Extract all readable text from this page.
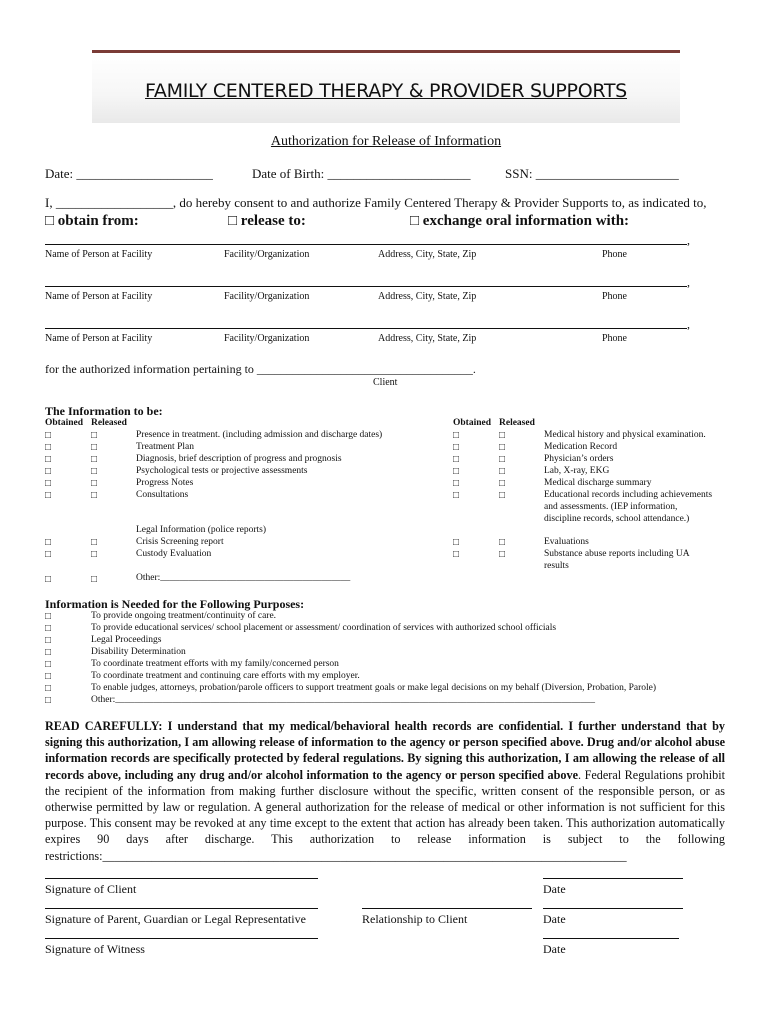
FAMILY CENTERED THERAPY & PROVIDER SUPPORTS
Authorization for Release of Information
Date: _____________________	Date of Birth: ______________________	SSN: ______________________
I, __________________, do hereby consent to and authorize Family Centered Therapy & Provider Supports to, as indicated to,
□ obtain from:	□ release to:	□ exchange oral information with:
,
Name of Person at Facility	Facility/Organization	Address, City, State, Zip	Phone
,
Name of Person at Facility	Facility/Organization	Address, City, State, Zip	Phone
,
Name of Person at Facility	Facility/Organization	Address, City, State, Zip	Phone
for the authorized information pertaining to ____________________________________.
Client
The Information to be:
Obtained Released	Obtained Released
□	□	Presence in treatment. (including admission and discharge dates)
□	□	Treatment Plan
□	□	Diagnosis, brief description of progress and prognosis
□	□	Psychological tests or projective assessments
□	□	Progress Notes
□	□	Consultations
Legal Information (police reports)
□	□	Crisis Screening report
□	□	Custody Evaluation
□	□	Other:________________________________________
□	□	Medical history and physical examination.
□	□	Medication Record
□	□	Physician’s orders
□	□	Lab, X-ray, EKG
□	□	Medical discharge summary
□	□	Educational records including achievements
and assessments. (IEP information,
discipline records, school attendance.)
□	□	Evaluations
□	□	Substance abuse reports including UA
results
Information is Needed for the Following Purposes:
□	To provide ongoing treatment/continuity of care.
□	To provide educational services/ school placement or assessment/ coordination of services with authorized school officials
□	Legal Proceedings
□	Disability Determination
□	To coordinate treatment efforts with my family/concerned person
□	To coordinate treatment and continuing care efforts with my employer.
□	To enable judges, attorneys, probation/parole officers to support treatment goals or make legal decisions on my behalf (Diversion, Probation, Parole)
□	Other:_____________________________________________________________________________________________________
READ CAREFULLY: I understand that my medical/behavioral health records are confidential. I further understand that by signing this authorization, I am allowing release of information to the agency or person specified above. Drug and/or alcohol abuse information records are specifically protected by federal regulations. By signing this authorization, I am allowing the release of all records above, including any drug and/or alcohol information to the agency or person specified above. Federal Regulations prohibit the recipient of the information from making further disclosure without the specific, written consent of the responsible person, or as otherwise permitted by law or regulation. A general authorization for the release of medical or other information is not sufficient for this purpose. This consent may be revoked at any time except to the extent that action has already been taken. This authorization automatically expires 90 days after discharge. This authorization to release information is subject to the following restrictions:______________________________________________________________________________________
Signature of Client	Date
Signature of Parent, Guardian or Legal Representative	Relationship to Client	Date
Signature of Witness	Date
